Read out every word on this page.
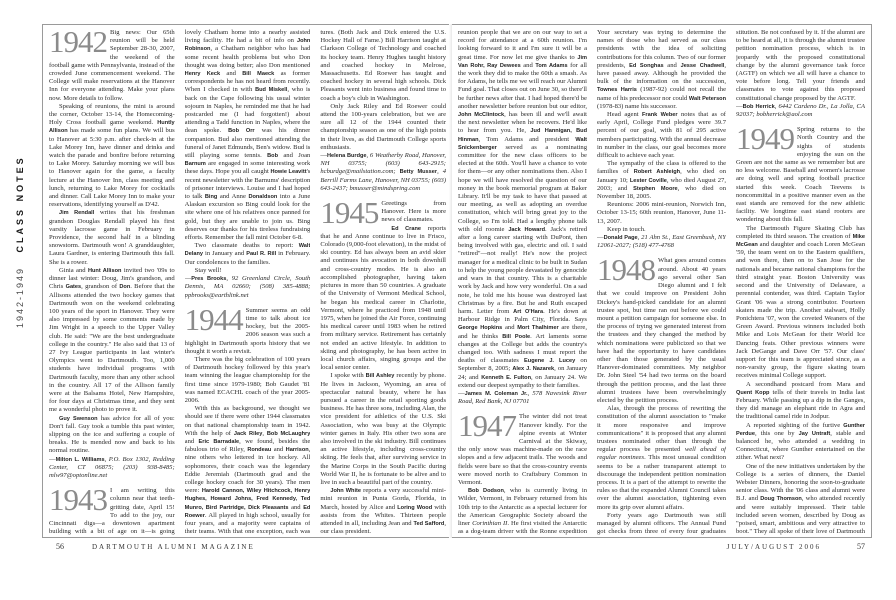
1942-1949 CLASS NOTES

1942 Big news: Our 65th reunion will be held September 28-30, 2007, the weekend of the football game with Pennsylvania, instead of the crowded June commencement weekend. The College will make reservations at the Hanover Inn for everyone attending. Make your plans now. More details to follow.

Speaking of reunions, the mini is around the corner, October 13-14, the Homecoming-Holy Cross football game weekend. Huntly Allison has made some fun plans. We will bus to Hanover at 5:30 p.m. after check-in at the Lake Morey Inn, have dinner and drinks and watch the parade and bonfire before returning to Lake Morey. Saturday morning we will bus to Hanover again for the game, a faculty lecture at the Hanover Inn, class meeting and lunch, returning to Lake Morey for cocktails and dinner. Call Lake Morey Inn to make your reservations, identifying yourself as D'42.

Jim Rendall writes that his freshman grandson Douglas Rendall played his first varsity lacrosse game in February in Providence, the second half in a blinding snowstorm. Dartmouth won! A granddaughter, Laura Gardner, is entering Dartmouth this fall. She is a rower.

Ginia and Hunt Allison invited two '09s to dinner last winter: Doug, Jim's grandson, and Chris Gates, grandson of Don. Before that the Allisons attended the two hockey games that Dartmouth won on the weekend celebrating 100 years of the sport in Hanover. They were also impressed by some comments made by Jim Wright in a speech to the Upper Valley club. He said: "We are the best undergraduate college in the country." He also said that 13 of 27 Ivy League participants in last winter's Olympics went to Dartmouth. Too, 1,000 students have individual programs with Dartmouth faculty, more than any other school in the country. All 17 of the Allison family were at the Balsams Hotel, New Hampshire, for four days at Christmas time, and they sent me a wonderful photo to prove it.

Guy Swenson has advice for all of you: Don't fall. Guy took a tumble this past winter, slipping on the ice and suffering a couple of breaks. He is mended now and back to his normal routine.

—Milton L. Williams, P.O. Box 1302, Redding Center, CT 06875; (203) 938-8485; mlw97@optonline.net

1943 I am writing this column near that teeth-gritting date, April 15! To add to the joy, our Cincinnati digs—a downtown apartment building with a bit of age on it—is going

lovely Chatham home into a nearby assisted living facility. He had a bit of info on John Robinson, a Chatham neighbor who has had some recent health problems but who Don thought was doing better; also Don mentioned Henry Keck and Bill Maeck as former correspondents he has not heard from recently. When I checked in with Bud Miskell, who is back on the Cape following his usual winter sojourn in Naples, he reminded me that he had postcarded me (I had forgotten!) about attending a Tadd function in Naples, where the dean spoke. Bob Orr was his dinner companion. Bud also mentioned attending the funeral of Janet Edmunds, Ben's widow. Bud is still playing some tennis. Bob and Joan Barnum are engaged in some interesting work these days. Hope you all caught Howie Leavitt's recent newsletter with the Barnums' description of prisoner interviews. Louise and I had hoped to talk Bing and Anne Donaldson into a June Alaskan excursion so Bing could look for the site where one of his relatives once panned for gold, but they are unable to join us. Bing deserves our thanks for his tireless fundraising efforts. Remember the fall mini October 6-8.

Two classmate deaths to report: Walt Delany in January and Paul R. Rill in February. Our condolences to the families.

Stay well!

—Pres Brooks, 92 Greenland Circle, South Dennis, MA 02660; (508) 385-4888; ppbrooks@earthlink.net

1944 Summer seems an odd time to talk about ice hockey, but the 2005-2006 season was such a highlight in Dartmouth sports history that we thought it worth a revisit.

There was the big celebration of 100 years of Dartmouth hockey followed by this year's team winning the league championship for the first time since 1979-1980; Bob Gaudet '81 was named ECACHL coach of the year 2005-2006.

With this as background, we thought we should see if there were other 1944 classmates on that national championship team in 1942. With the help of Jack Riley, Bob McLaughry and Eric Barradale, we found, besides the fabulous trio of Riley, Rondeau and Harrison, nine others who lettered in ice hockey. All sophomores, their coach was the legendary Eddie Jeremiah (Dartmouth grad and the college hockey coach for 30 years). The men were: Harold Cannon, Wiley Hitchcock, Henry Hughes, Howard Johns, Fred Kennedy, Ted Munro, Bird Partridge, Dick Pleasants and Ed Roewer. All played in high school, usually for four years, and a majority were captains of their teams. With that one exception, each was

tures. (Both Jack and Dick entered the U.S. Hockey Hall of Fame.) Bill Harrison taught at Clarkson College of Technology and coached its hockey team. Henry Hughes taught history and coached hockey in Melrose, Massachusetts. Ed Roewer has taught and coached hockey in several high schools. Dick Pleasants went into business and found time to coach a boy's club in Washington.

Only Jack Riley and Ed Roewer could attend the 100-years celebration, but we are sure all 12 of the 1944 counted their championship season as one of the high points in their lives, as did Dartmouth College sports enthusiasts.

—Helena Burdge, 6 Weatherby Road, Hanover, NH 03755; (603) 643-2915; hcburdge@mailstation.com; Betty Musser, 4 Berrill Farms Lane, Hanover, NH 03755; (603) 643-2437; bmusser@mindspring.com

1945 Greetings from Hanover. Here is more news of classmates.

Ed Crane reports that he and Anne continue to live in Frisco, Colorado (9,000-foot elevation), in the midst of ski country. Ed has always been an avid skier and continues his avocation in both downhill and cross-country modes. He is also an accomplished photographer, having taken pictures in more than 50 countries. A graduate of the University of Vermont Medical School, he began his medical career in Charlotte, Vermont, where he practiced from 1948 until 1975, when he joined the Air Force, continuing his medical career until 1983 when he retired from military service. Retirement has certainly not ended an active lifestyle. In addition to skiing and photography, he has been active in local church affairs, singing groups and the local senior center.

I spoke with Bill Ashley recently by phone. He lives in Jackson, Wyoming, an area of spectacular natural beauty, where he has pursued a career in the retail sporting goods business. He has three sons, including Alan, the vice president for athletics of the U.S. Ski Association, who was busy at the Olympic winter games in Italy. His other two sons are also involved in the ski industry. Bill continues an active lifestyle, including cross-country skiing. He feels that, after surviving service in the Marine Corps in the South Pacific during World War II, he is fortunate to be alive and to live in such a beautiful part of the country.

John White reports a very successful mini-mini reunion in Punta Gorda, Florida, in March, hosted by Alice and Loring Wood with assists from the Whites. Thirteen people attended in all, including Jean and Ted Safford, our class president.

reunion people that we are on our way to set a record for attendance at a 60th reunion. I'm looking forward to it and I'm sure it will be a great time. For now let me give thanks to Jim Van Rohr, Ray Dewees and Tom Adams for all the work they did to make the 60th a smash. As for Adams, he tells me we will reach our Alumni Fund goal. That closes out on June 30, so there'll be further news after that. I had hoped there'd be another newsletter before reunion but our editor, John McClintock, has been ill and we'll await the next newsletter when he recovers. He'd like to hear from you. He, Jud Hannigan, Bud Hinman, Tom Adams and president Walt Snickenberger served as a nominating committee for the new class officers to be elected at the 60th. You'll have a chance to vote for them—or any other nominations then. Also I hope we will have resolved the question of our money in the book memorial program at Baker Library. It'll be my task to have that passed at our meeting, as well as adopting an overdue constitution, which will bring great joy to the College, so I'm told. Had a lengthy phone talk with old roomie Jack Howard. Jack's retired after a long career starting with DuPont, then being involved with gas, electric and oil. I said "retired"—not really! He's now the project manager for a medical clinic to be built in Sudan to help the young people devastated by genocide and wars in that country. This is a charitable work by Jack and how very wonderful. On a sad note, he told me his house was destroyed last Christmas by a fire. But he and Ruth escaped harm. Letter from Art O'Hara. He's down at Harbour Ridge in Palm City, Florida. Says George Hopkins and Mort Thalhimer are there, and he thinks Bill Poole. Art laments some changes at the College but adds the country's changed too. With sadness I must report the deaths of classmates Eugene J. Lucey on September 8, 2005; Alex J. Nazarek, on January 24; and Kenneth E. Fulton, on January 24. We extend our deepest sympathy to their families.

—James M. Coleman Jr., 578 Navesink River Road, Red Bank, NJ 07701

1947 The winter did not treat Hanover kindly. For the alpine events at Winter Carnival at the Skiway, the only snow was machine-made on the race slopes and a few adjacent trails. The woods and fields were bare so that the cross-country events were moved north to Craftsbury Common in Vermont.

Bob Dodson, who is currently living in Wilder, Vermont, in February returned from his 10th trip to the Antarctic as a special lecturer for the American Geographic Society aboard the liner Corinthian II. He first visited the Antarctic as a dog-team driver with the Ronne expedition

Your secretary was trying to determine the names of those who had served as our class presidents with the idea of soliciting contributions for this column. Two of our former presidents, Ed Songhas and Jesse Chadwell, have passed away. Although he provided the bulk of the information on the succession, Townes Harris (1987-92) could not recall the name of his predecessor nor could Walt Peterson (1978-83) name his successor.

Head agent Frank Weber notes that as of early April, College Fund pledges were 39.7 percent of our goal, with 81 of 295 active members participating. With the annual decrease in number in the class, our goal becomes more difficult to achieve each year.

The sympathy of the class is offered to the families of Robert Ashleigh, who died on January 10; Lester Coville, who died August 27, 2003; and Stephen Moore, who died on November 18, 2005.

Reunions: 2006 mini-reunion, Norwich Inn, October 13-15; 60th reunion, Hanover, June 11-13, 2007.

Keep in touch.

—Donald Page, 21 Ahn St., East Greenbush, NY 12061-2027; (518) 477-4768

1948 What goes around comes around. About 40 years ago several other San Diego alumni and I felt that we could improve on President John Dickey's hand-picked candidate for an alumni trustee spot, but time ran out before we could mount a petition campaign for someone else. In the process of trying we generated interest from the trustees and they changed the method by which nominations were publicized so that we have had the opportunity to have candidates other than those generated by the usual Hanover-dominated committees. My neighbor Dr. John Steel '54 had two terms on the board through the petition process, and the last three alumni trustees have been overwhelmingly elected by the petition process.

Alas, through the process of rewriting the constitution of the alumni association to "make it more responsive and improve communications" it is proposed that any alumni trustees nominated other than through the regular process be presented well ahead of regular nominees. This most unusual condition seems to be a rather transparent attempt to discourage the independent petition nomination process. It is a part of the attempt to rewrite the rules so that the expanded Alumni Council takes over the alumni association, tightening even more its grip over alumni affairs.

Forty years ago Dartmouth was still managed by alumni officers. The Annual Fund got checks from three of every four graduates

stitution. Be not confused by it. If the alumni are to be heard at all, it is through the alumni trustee petition nomination process, which is in jeopardy with the proposed constitutional change by the alumni governance task force (AGTF) on which we all will have a chance to vote before long. Tell your friends and classmates to vote against this proposed constitutional change proposed by the AGTF.

—Bob Herrick, 6442 Cardeno Dr., La Jolla, CA 92037; bobherrick@aol.com

1949 Spring returns to the North Country and the sights of students enjoying the sun on the Green are not the same as we remember but are no less welcome. Baseball and women's lacrosse are doing well and spring football practice started this week. Coach Teevens is noncommittal in a positive manner even as the east stands are removed for the new athletic facility. We longtime east stand rooters are wondering about this fall.

The Dartmouth Figure Skating Club has completed its third season. The creation of Mike McGean and daughter and coach Loren McGean '59, the team went on to the Eastern qualifiers, and won there, then on to San Jose for the nationals and became national champions for the third straight year. Boston University was second and the University of Delaware, a perennial contender, was third. Captain Taylor Grant '06 was a strong contributor. Fourteen skaters made the trip. Another stalwart, Holly Ponichtera '07, won the coveted Weaners of the Green Award. Previous winners included both Mike and Lois McGean for their World Ice Dancing feats. Other previous winners were Jack DeGange and Dave Orr '57. Our class' support for this team is appreciated since, as a non-varsity group, the figure skating team receives minimal College support.

A secondhand postcard from Mara and Quent Kopp tells of their travels in India last February. While passing up a dip in the Ganges, they did manage an elephant ride in Agra and the traditional camel ride in Jodpur.

A reported sighting of the furtive Gunther Perdue, this one by Jay Untraft, stable and balanced he, who attended a wedding in Connecticut, where Gunther entertained on the zither. What next?

One of the new initiatives undertaken by the College is a series of dinners, the Daniel Webster Dinners, honoring the soon-to-graduate senior class. With the '06 class and alumni were B.J. and Doug Thomson, who attended recently and were suitably impressed. Their table included seven women, described by Doug as "poised, smart, ambitious and very attractive to boot." They all spoke of their love of Dartmouth

56	DARTMOUTH ALUMNI MAGAZINE	JULY/AUGUST 2006	57
